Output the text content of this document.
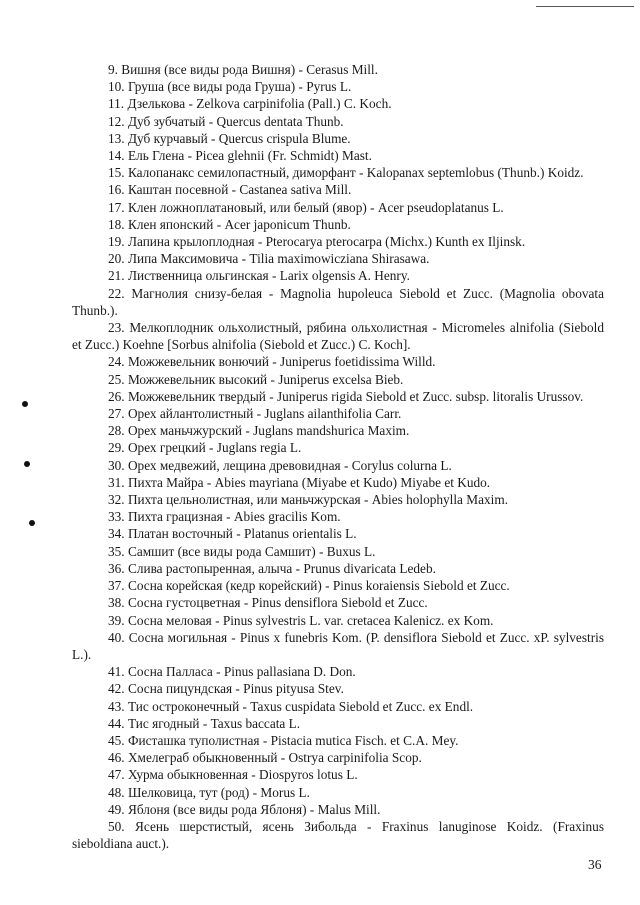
9. Вишня (все виды рода Вишня) - Cerasus Mill.

10. Груша (все виды рода Груша) - Pyrus L.

11. Дзелькова - Zelkova carpinifolia (Pall.) C. Koch.

12. Дуб зубчатый - Quercus dentata Thunb.

13. Дуб курчавый - Quercus crispula Blume.

14. Ель Глена - Picea glehnii (Fr. Schmidt) Mast.

15. Калопанакс семилопастный, диморфант - Kalopanax septemlobus (Thunb.) Koidz.

16. Каштан посевной - Castanea sativa Mill.

17. Клен ложноплатановый, или белый (явор) - Acer pseudoplatanus L.

18. Клен японский - Acer japonicum Thunb.

19. Лапина крылоплодная - Pterocarya pterocarpa (Michx.) Kunth ex Iljinsk.

20. Липа Максимовича - Tilia maximowicziana Shirasawa.

21. Лиственница ольгинская - Larix olgensis A. Henry.

22. Магнолия снизу-белая - Magnolia hupoleuca Siebold et Zucc. (Magnolia obovata Thunb.).

23. Мелкоплодник ольхолистный, рябина ольхолистная - Micromeles alnifolia (Siebold et Zucc.) Koehne [Sorbus alnifolia (Siebold et Zucc.) C. Koch].

24. Можжевельник вонючий - Juniperus foetidissima Willd.

25. Можжевельник высокий - Juniperus excelsa Bieb.

26. Можжевельник твердый - Juniperus rigida Siebold et Zucc. subsp. litoralis Urussov.

27. Орех айлантолистный - Juglans ailanthifolia Carr.

28. Орех маньчжурский - Juglans mandshurica Maxim.

29. Орех грецкий - Juglans regia L.

30. Орех медвежий, лещина древовидная - Corylus colurna L.

31. Пихта Майра - Abies mayriana (Miyabe et Kudo) Miyabe et Kudo.

32. Пихта цельнолистная, или маньчжурская - Abies holophylla Maxim.

33. Пихта грацизная - Abies gracilis Kom.

34. Платан восточный - Platanus orientalis L.

35. Самшит (все виды рода Самшит) - Buxus L.

36. Слива растопыренная, алыча - Prunus divaricata Ledeb.

37. Сосна корейская (кедр корейский) - Pinus koraiensis Siebold et Zucc.

38. Сосна густоцветная - Pinus densiflora Siebold et Zucc.

39. Сосна меловая - Pinus sylvestris L. var. cretacea Kalenicz. ex Kom.

40. Сосна могильная - Pinus x funebris Kom. (P. densiflora Siebold et Zucc. xP. sylvestris L.).

41. Сосна Палласа - Pinus pallasiana D. Don.

42. Сосна пицундская - Pinus pityusa Stev.

43. Тис остроконечный - Taxus cuspidata Siebold et Zucc. ex Endl.

44. Тис ягодный - Taxus baccata L.

45. Фисташка туполистная - Pistacia mutica Fisch. et C.A. Mey.

46. Хмелеграб обыкновенный - Ostrya carpinifolia Scop.

47. Хурма обыкновенная - Diospyros lotus L.

48. Шелковица, тут (род) - Morus L.

49. Яблоня (все виды рода Яблоня) - Malus Mill.

50. Ясень шерстистый, ясень Зибольда - Fraxinus lanuginose Koidz. (Fraxinus sieboldiana auct.).

36
